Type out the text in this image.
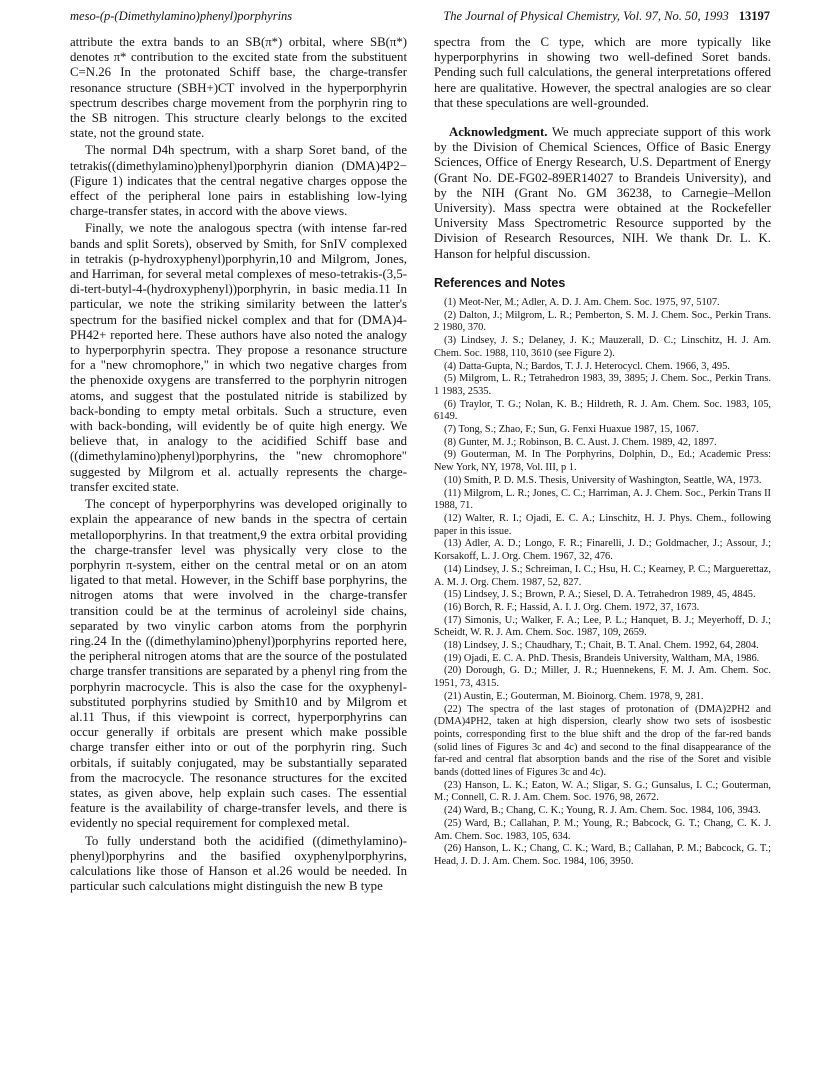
meso-(p-(Dimethylamino)phenyl)porphyrins	The Journal of Physical Chemistry, Vol. 97, No. 50, 1993 13197

attribute the extra bands to an SB(π*) orbital, where SB(π*) denotes π* contribution to the excited state from the substituent C=N.26 In the protonated Schiff base, the charge-transfer resonance structure (SBH+)CT involved in the hyperporphyrin spectrum describes charge movement from the porphyrin ring to the SB nitrogen. This structure clearly belongs to the excited state, not the ground state.

The normal D4h spectrum, with a sharp Soret band, of the tetrakis((dimethylamino)phenyl)porphyrin dianion (DMA)4P2− (Figure 1) indicates that the central negative charges oppose the effect of the peripheral lone pairs in establishing low-lying charge-transfer states, in accord with the above views.

Finally, we note the analogous spectra (with intense far-red bands and split Sorets), observed by Smith, for SnIV complexed in tetrakis (p-hydroxyphenyl)porphyrin,10 and Milgrom, Jones, and Harriman, for several metal complexes of meso-tetrakis-(3,5-di-tert-butyl-4-(hydroxyphenyl))porphyrin, in basic media.11 In particular, we note the striking similarity between the latter's spectrum for the basified nickel complex and that for (DMA)4-PH42+ reported here. These authors have also noted the analogy to hyperporphyrin spectra. They propose a resonance structure for a "new chromophore," in which two negative charges from the phenoxide oxygens are transferred to the porphyrin nitrogen atoms, and suggest that the postulated nitride is stabilized by back-bonding to empty metal orbitals. Such a structure, even with back-bonding, will evidently be of quite high energy. We believe that, in analogy to the acidified Schiff base and ((dimethylamino)phenyl)porphyrins, the "new chromophore" suggested by Milgrom et al. actually represents the charge-transfer excited state.

The concept of hyperporphyrins was developed originally to explain the appearance of new bands in the spectra of certain metalloporphyrins. In that treatment,9 the extra orbital providing the charge-transfer level was physically very close to the porphyrin π-system, either on the central metal or on an atom ligated to that metal. However, in the Schiff base porphyrins, the nitrogen atoms that were involved in the charge-transfer transition could be at the terminus of acroleinyl side chains, separated by two vinylic carbon atoms from the porphyrin ring.24 In the ((dimethylamino)phenyl)porphyrins reported here, the peripheral nitrogen atoms that are the source of the postulated charge transfer transitions are separated by a phenyl ring from the porphyrin macrocycle. This is also the case for the oxyphenyl-substituted porphyrins studied by Smith10 and by Milgrom et al.11 Thus, if this viewpoint is correct, hyperporphyrins can occur generally if orbitals are present which make possible charge transfer either into or out of the porphyrin ring. Such orbitals, if suitably conjugated, may be substantially separated from the macrocycle. The resonance structures for the excited states, as given above, help explain such cases. The essential feature is the availability of charge-transfer levels, and there is evidently no special requirement for complexed metal.

To fully understand both the acidified ((dimethylamino)-phenyl)porphyrins and the basified oxyphenylporphyrins, calculations like those of Hanson et al.26 would be needed. In particular such calculations might distinguish the new B type

spectra from the C type, which are more typically like hyperporphyrins in showing two well-defined Soret bands. Pending such full calculations, the general interpretations offered here are qualitative. However, the spectral analogies are so clear that these speculations are well-grounded.

Acknowledgment. We much appreciate support of this work by the Division of Chemical Sciences, Office of Basic Energy Sciences, Office of Energy Research, U.S. Department of Energy (Grant No. DE-FG02-89ER14027 to Brandeis University), and by the NIH (Grant No. GM 36238, to Carnegie–Mellon University). Mass spectra were obtained at the Rockefeller University Mass Spectrometric Resource supported by the Division of Research Resources, NIH. We thank Dr. L. K. Hanson for helpful discussion.

References and Notes
(1) Meot-Ner, M.; Adler, A. D. J. Am. Chem. Soc. 1975, 97, 5107.
(2) Dalton, J.; Milgrom, L. R.; Pemberton, S. M. J. Chem. Soc., Perkin Trans. 2 1980, 370.
(3) Lindsey, J. S.; Delaney, J. K.; Mauzerall, D. C.; Linschitz, H. J. Am. Chem. Soc. 1988, 110, 3610 (see Figure 2).
(4) Datta-Gupta, N.; Bardos, T. J. J. Heterocycl. Chem. 1966, 3, 495.
(5) Milgrom, L. R.; Tetrahedron 1983, 39, 3895; J. Chem. Soc., Perkin Trans. 1 1983, 2535.
(6) Traylor, T. G.; Nolan, K. B.; Hildreth, R. J. Am. Chem. Soc. 1983, 105, 6149.
(7) Tong, S.; Zhao, F.; Sun, G. Fenxi Huaxue 1987, 15, 1067.
(8) Gunter, M. J.; Robinson, B. C. Aust. J. Chem. 1989, 42, 1897.
(9) Gouterman, M. In The Porphyrins, Dolphin, D., Ed.; Academic Press: New York, NY, 1978, Vol. III, p 1.
(10) Smith, P. D. M.S. Thesis, University of Washington, Seattle, WA, 1973.
(11) Milgrom, L. R.; Jones, C. C.; Harriman, A. J. Chem. Soc., Perkin Trans II 1988, 71.
(12) Walter, R. I.; Ojadi, E. C. A.; Linschitz, H. J. Phys. Chem., following paper in this issue.
(13) Adler, A. D.; Longo, F. R.; Finarelli, J. D.; Goldmacher, J.; Assour, J.; Korsakoff, L. J. Org. Chem. 1967, 32, 476.
(14) Lindsey, J. S.; Schreiman, I. C.; Hsu, H. C.; Kearney, P. C.; Marguerettaz, A. M. J. Org. Chem. 1987, 52, 827.
(15) Lindsey, J. S.; Brown, P. A.; Siesel, D. A. Tetrahedron 1989, 45, 4845.
(16) Borch, R. F.; Hassid, A. I. J. Org. Chem. 1972, 37, 1673.
(17) Simonis, U.; Walker, F. A.; Lee, P. L.; Hanquet, B. J.; Meyerhoff, D. J.; Scheidt, W. R. J. Am. Chem. Soc. 1987, 109, 2659.
(18) Lindsey, J. S.; Chaudhary, T.; Chait, B. T. Anal. Chem. 1992, 64, 2804.
(19) Ojadi, E. C. A. PhD. Thesis, Brandeis University, Waltham, MA, 1986.
(20) Dorough, G. D.; Miller, J. R.; Huennekens, F. M. J. Am. Chem. Soc. 1951, 73, 4315.
(21) Austin, E.; Gouterman, M. Bioinorg. Chem. 1978, 9, 281.
(22) The spectra of the last stages of protonation of (DMA)2PH2 and (DMA)4PH2, taken at high dispersion, clearly show two sets of isosbestic points, corresponding first to the blue shift and the drop of the far-red bands (solid lines of Figures 3c and 4c) and second to the final disappearance of the far-red and central flat absorption bands and the rise of the Soret and visible bands (dotted lines of Figures 3c and 4c).
(23) Hanson, L. K.; Eaton, W. A.; Sligar, S. G.; Gunsalus, I. C.; Gouterman, M.; Connell, C. R. J. Am. Chem. Soc. 1976, 98, 2672.
(24) Ward, B.; Chang, C. K.; Young, R. J. Am. Chem. Soc. 1984, 106, 3943.
(25) Ward, B.; Callahan, P. M.; Young, R.; Babcock, G. T.; Chang, C. K. J. Am. Chem. Soc. 1983, 105, 634.
(26) Hanson, L. K.; Chang, C. K.; Ward, B.; Callahan, P. M.; Babcock, G. T.; Head, J. D. J. Am. Chem. Soc. 1984, 106, 3950.
